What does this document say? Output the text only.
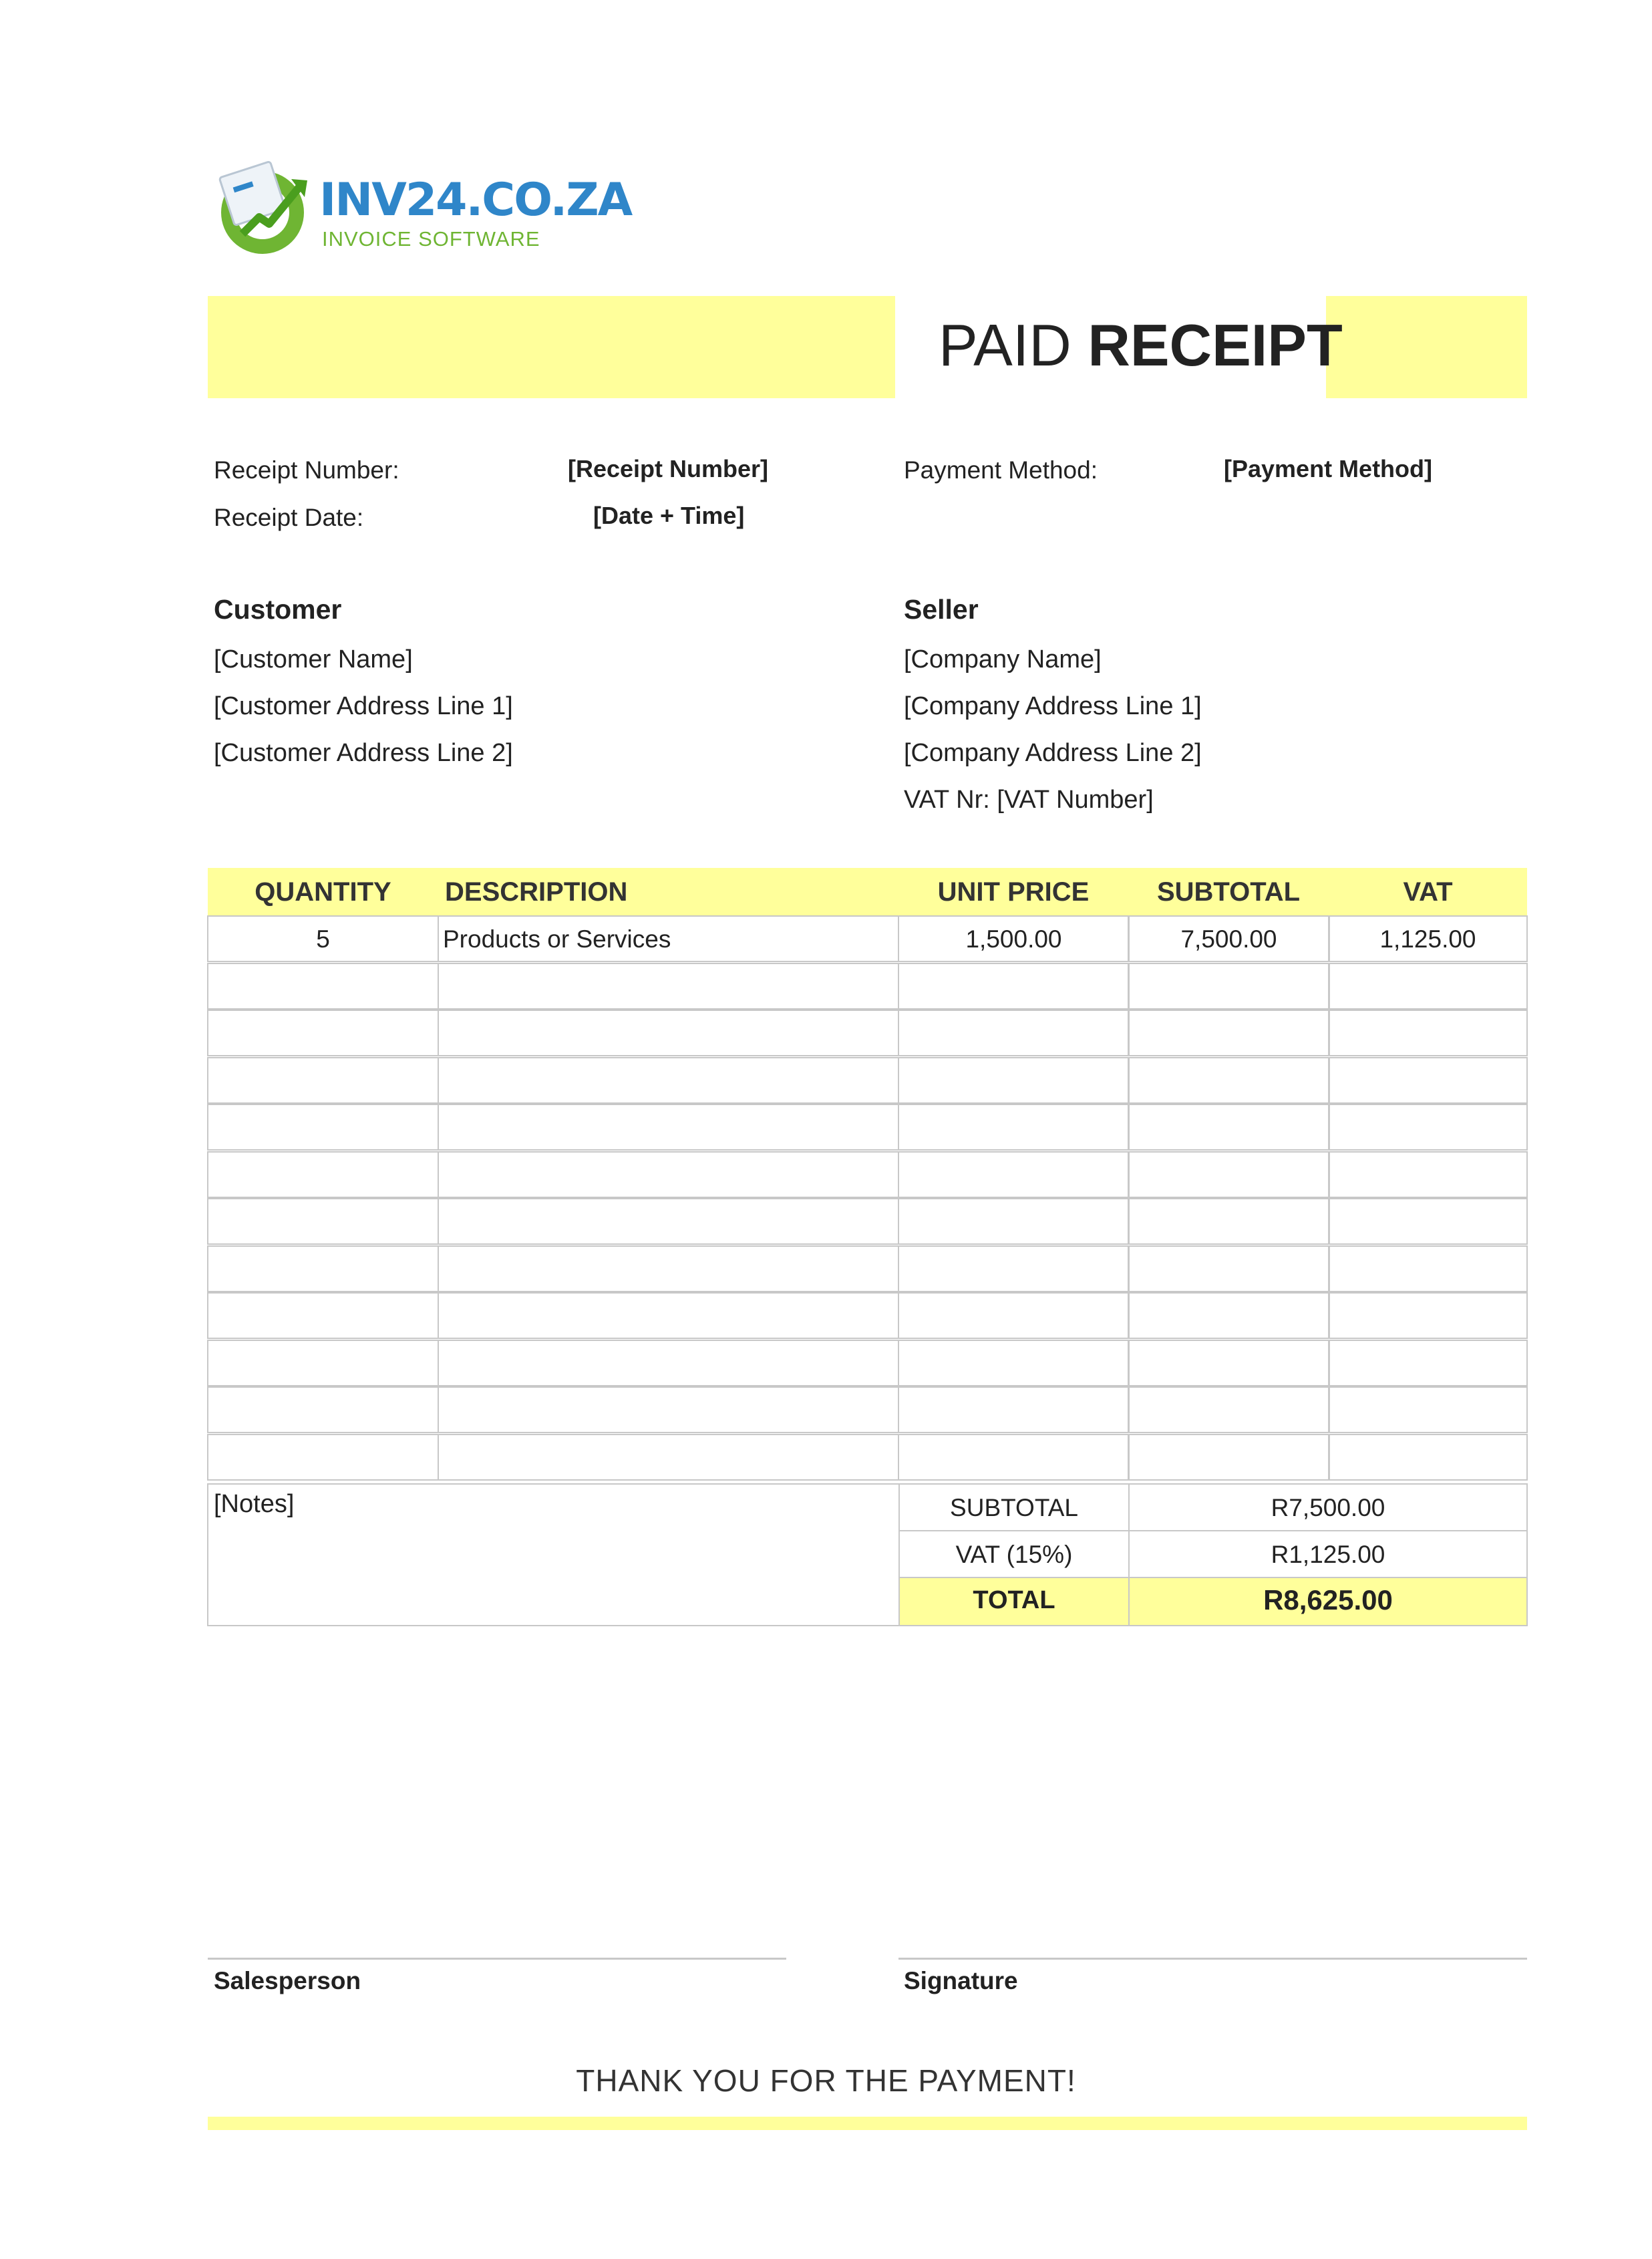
INV24.CO.ZA
INVOICE SOFTWARE
PAID RECEIPT
Receipt Number:	[Receipt Number]
Receipt Date:	[Date + Time]
Payment Method:	[Payment Method]
Customer
[Customer Name]
[Customer Address Line 1]
[Customer Address Line 2]
Seller
[Company Name]
[Company Address Line 1]
[Company Address Line 2]
VAT Nr: [VAT Number]
QUANTITY	DESCRIPTION	UNIT PRICE	SUBTOTAL	VAT
5	Products or Services	1,500.00	7,500.00	1,125.00
[Notes]	SUBTOTAL	R7,500.00
VAT (15%)	R1,125.00
TOTAL	R8,625.00
Salesperson	Signature
THANK YOU FOR THE PAYMENT!
